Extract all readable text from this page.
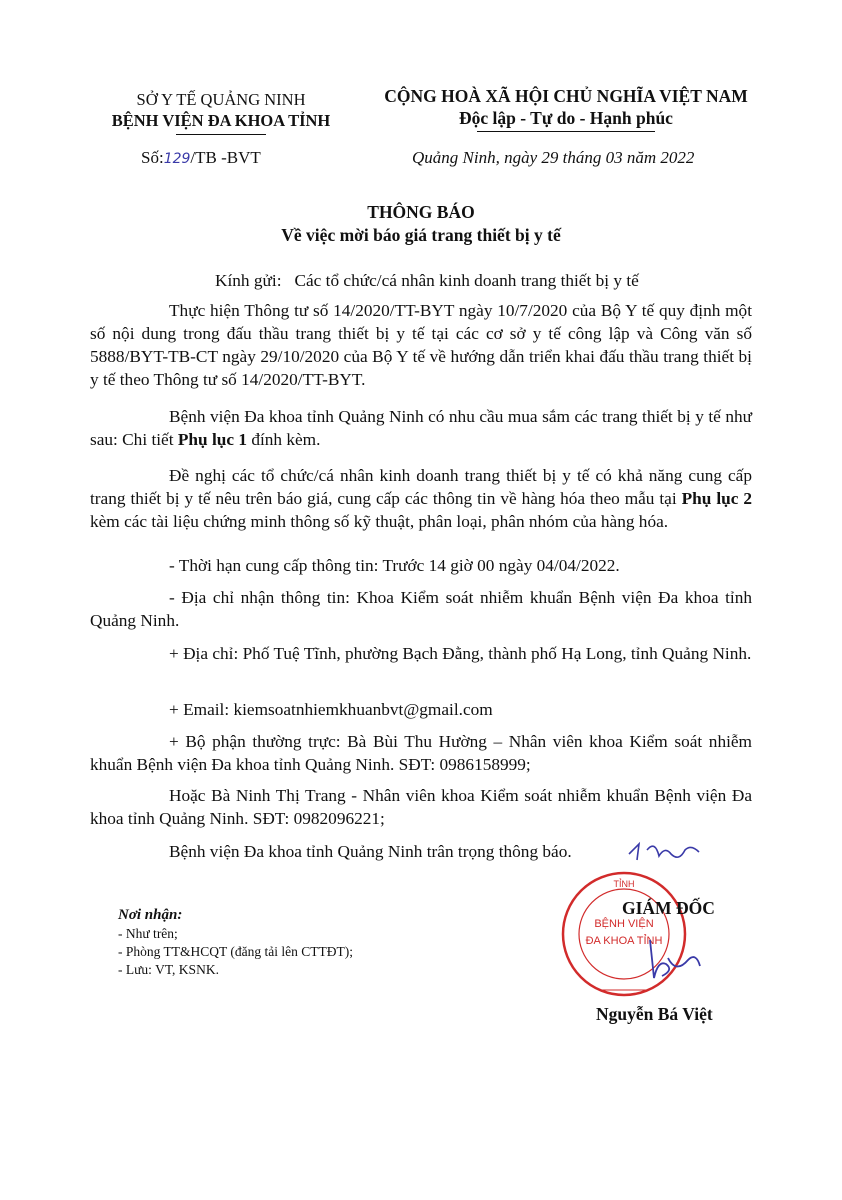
SỞ Y TẾ QUẢNG NINH
BỆNH VIỆN ĐA KHOA TỈNH
Số:129/TB -BVT
CỘNG HOÀ XÃ HỘI CHỦ NGHĨA VIỆT NAM
Độc lập - Tự do - Hạnh phúc
Quảng Ninh, ngày 29 tháng 03 năm 2022
THÔNG BÁO
Về việc mời báo giá trang thiết bị y tế
Kính gửi: Các tổ chức/cá nhân kinh doanh trang thiết bị y tế

Thực hiện Thông tư số 14/2020/TT-BYT ngày 10/7/2020 của Bộ Y tế quy định một số nội dung trong đấu thầu trang thiết bị y tế tại các cơ sở y tế công lập và Công văn số 5888/BYT-TB-CT ngày 29/10/2020 của Bộ Y tế về hướng dẫn triển khai đấu thầu trang thiết bị y tế theo Thông tư số 14/2020/TT-BYT.

Bệnh viện Đa khoa tỉnh Quảng Ninh có nhu cầu mua sắm các trang thiết bị y tế như sau: Chi tiết Phụ lục 1 đính kèm.

Đề nghị các tổ chức/cá nhân kinh doanh trang thiết bị y tế có khả năng cung cấp trang thiết bị y tế nêu trên báo giá, cung cấp các thông tin về hàng hóa theo mẫu tại Phụ lục 2 kèm các tài liệu chứng minh thông số kỹ thuật, phân loại, phân nhóm của hàng hóa.

- Thời hạn cung cấp thông tin: Trước 14 giờ 00 ngày 04/04/2022.

- Địa chỉ nhận thông tin: Khoa Kiểm soát nhiễm khuẩn Bệnh viện Đa khoa tỉnh Quảng Ninh.

+ Địa chỉ: Phố Tuệ Tĩnh, phường Bạch Đằng, thành phố Hạ Long, tỉnh Quảng Ninh.

+ Email: kiemsoatnhiemkhuanbvt@gmail.com

+ Bộ phận thường trực: Bà Bùi Thu Hường – Nhân viên khoa Kiểm soát nhiễm khuẩn Bệnh viện Đa khoa tỉnh Quảng Ninh. SĐT: 0986158999;

Hoặc Bà Ninh Thị Trang - Nhân viên khoa Kiểm soát nhiễm khuẩn Bệnh viện Đa khoa tỉnh Quảng Ninh. SĐT: 0982096221;

Bệnh viện Đa khoa tỉnh Quảng Ninh trân trọng thông báo.

Nơi nhận:
- Như trên;
- Phòng TT&HCQT (đăng tải lên CTTĐT);
- Lưu: VT, KSNK.
TỈNH
BỆNH VIỆN
ĐA KHOA TỈNH
GIÁM ĐỐC
Nguyễn Bá Việt
